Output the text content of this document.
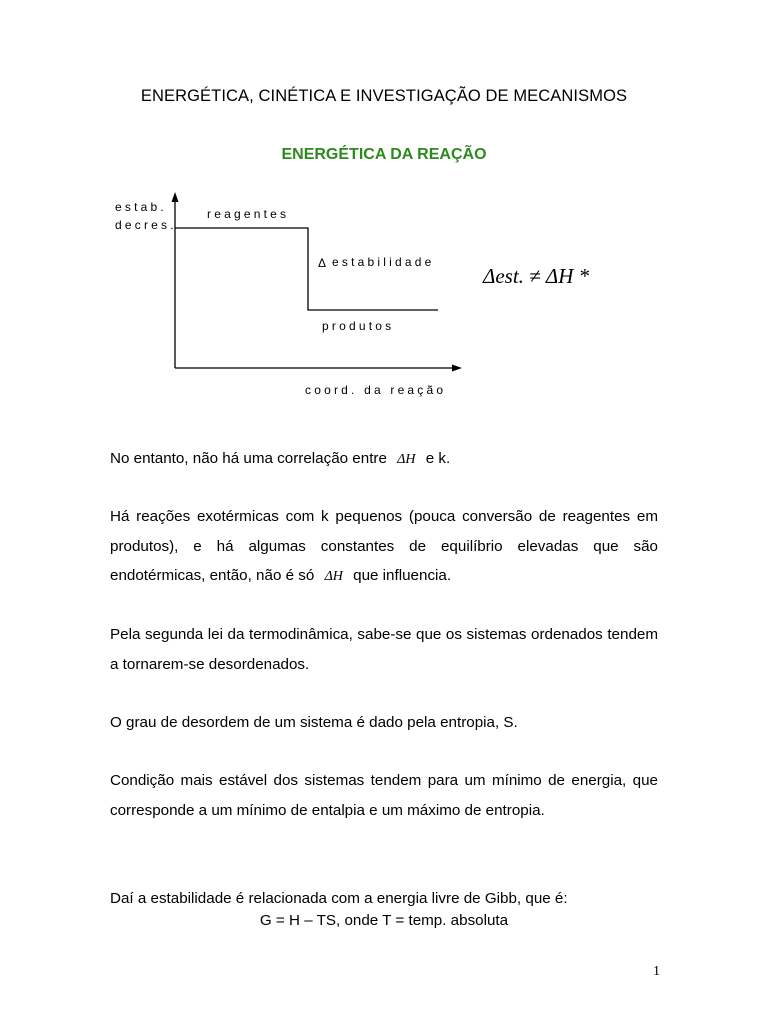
ENERGÉTICA, CINÉTICA E INVESTIGAÇÃO DE MECANISMOS
ENERGÉTICA DA REAÇÃO
estab.
decres.
reagentes
Δ estabilidade
produtos
coord. da reação
Δest. ≠ ΔH *
No entanto, não há uma correlação entre ΔH e k.
Há reações exotérmicas com k pequenos (pouca conversão de reagentes em produtos), e há algumas constantes de equilíbrio elevadas que são endotérmicas, então, não é só ΔH que influencia.
Pela segunda lei da termodinâmica, sabe-se que os sistemas ordenados tendem a tornarem-se desordenados.
O grau de desordem de um sistema é dado pela entropia, S.
Condição mais estável dos sistemas tendem para um mínimo de energia, que corresponde a um mínimo de entalpia e um máximo de entropia.
Daí a estabilidade é relacionada com a energia livre de Gibb, que é:
G = H – TS, onde T = temp. absoluta
1
